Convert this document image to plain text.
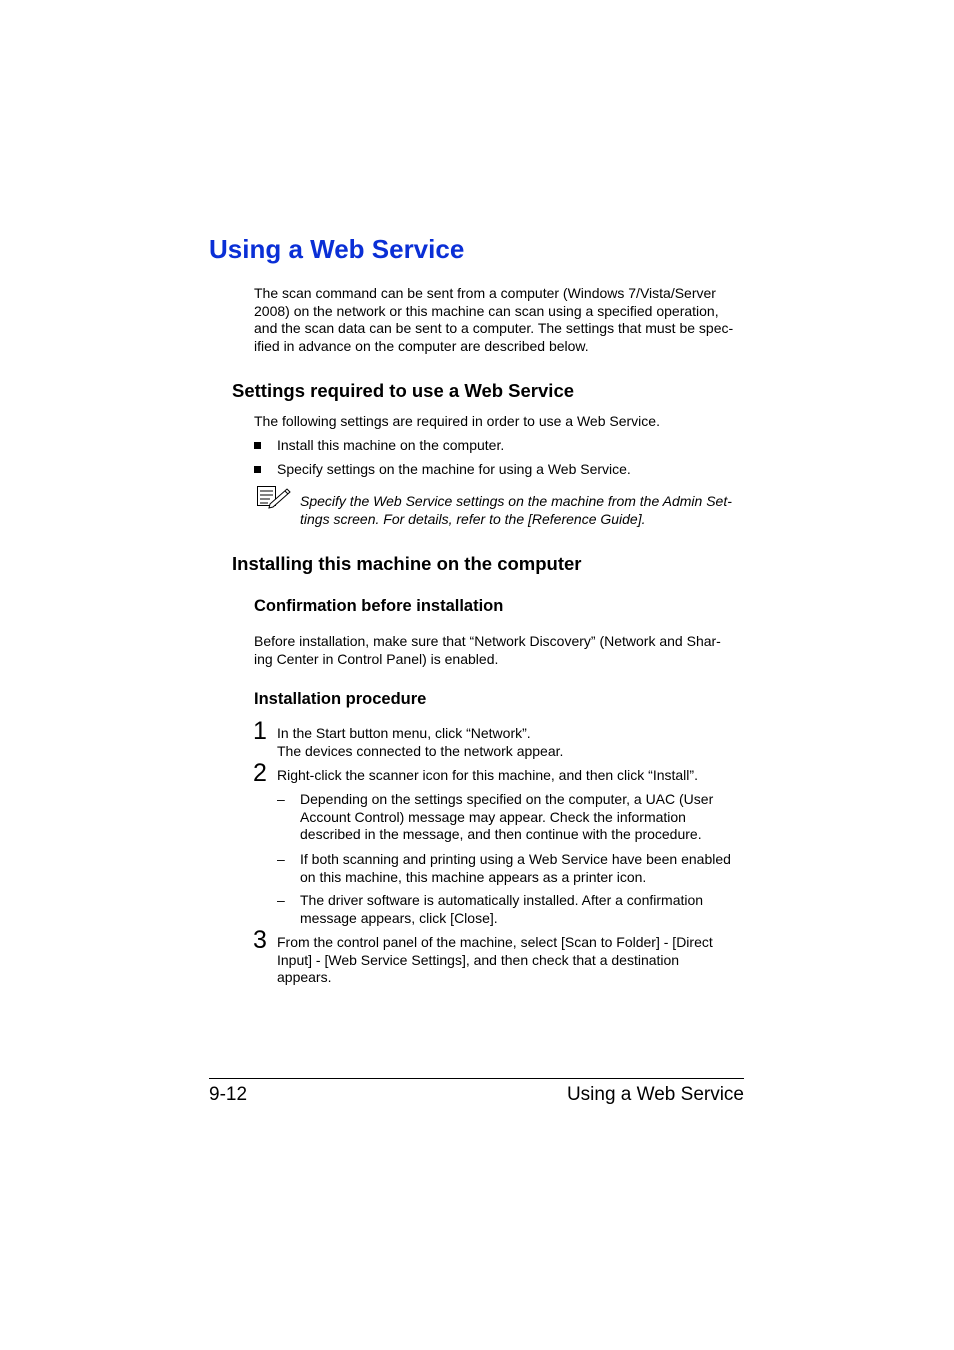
Using a Web Service
The scan command can be sent from a computer (Windows 7/Vista/Server
2008) on the network or this machine can scan using a specified operation,
and the scan data can be sent to a computer. The settings that must be spec-
ified in advance on the computer are described below.
Settings required to use a Web Service
The following settings are required in order to use a Web Service.
Install this machine on the computer.
Specify settings on the machine for using a Web Service.
Specify the Web Service settings on the machine from the Admin Set-
tings screen. For details, refer to the [Reference Guide].
Installing this machine on the computer
Confirmation before installation
Before installation, make sure that “Network Discovery” (Network and Shar-
ing Center in Control Panel) is enabled.
Installation procedure
1 In the Start button menu, click “Network”.
The devices connected to the network appear.
2 Right-click the scanner icon for this machine, and then click “Install”.
– Depending on the settings specified on the computer, a UAC (User
Account Control) message may appear. Check the information
described in the message, and then continue with the procedure.
– If both scanning and printing using a Web Service have been enabled
on this machine, this machine appears as a printer icon.
– The driver software is automatically installed. After a confirmation
message appears, click [Close].
3 From the control panel of the machine, select [Scan to Folder] - [Direct
Input] - [Web Service Settings], and then check that a destination
appears.
9-12	Using a Web Service
